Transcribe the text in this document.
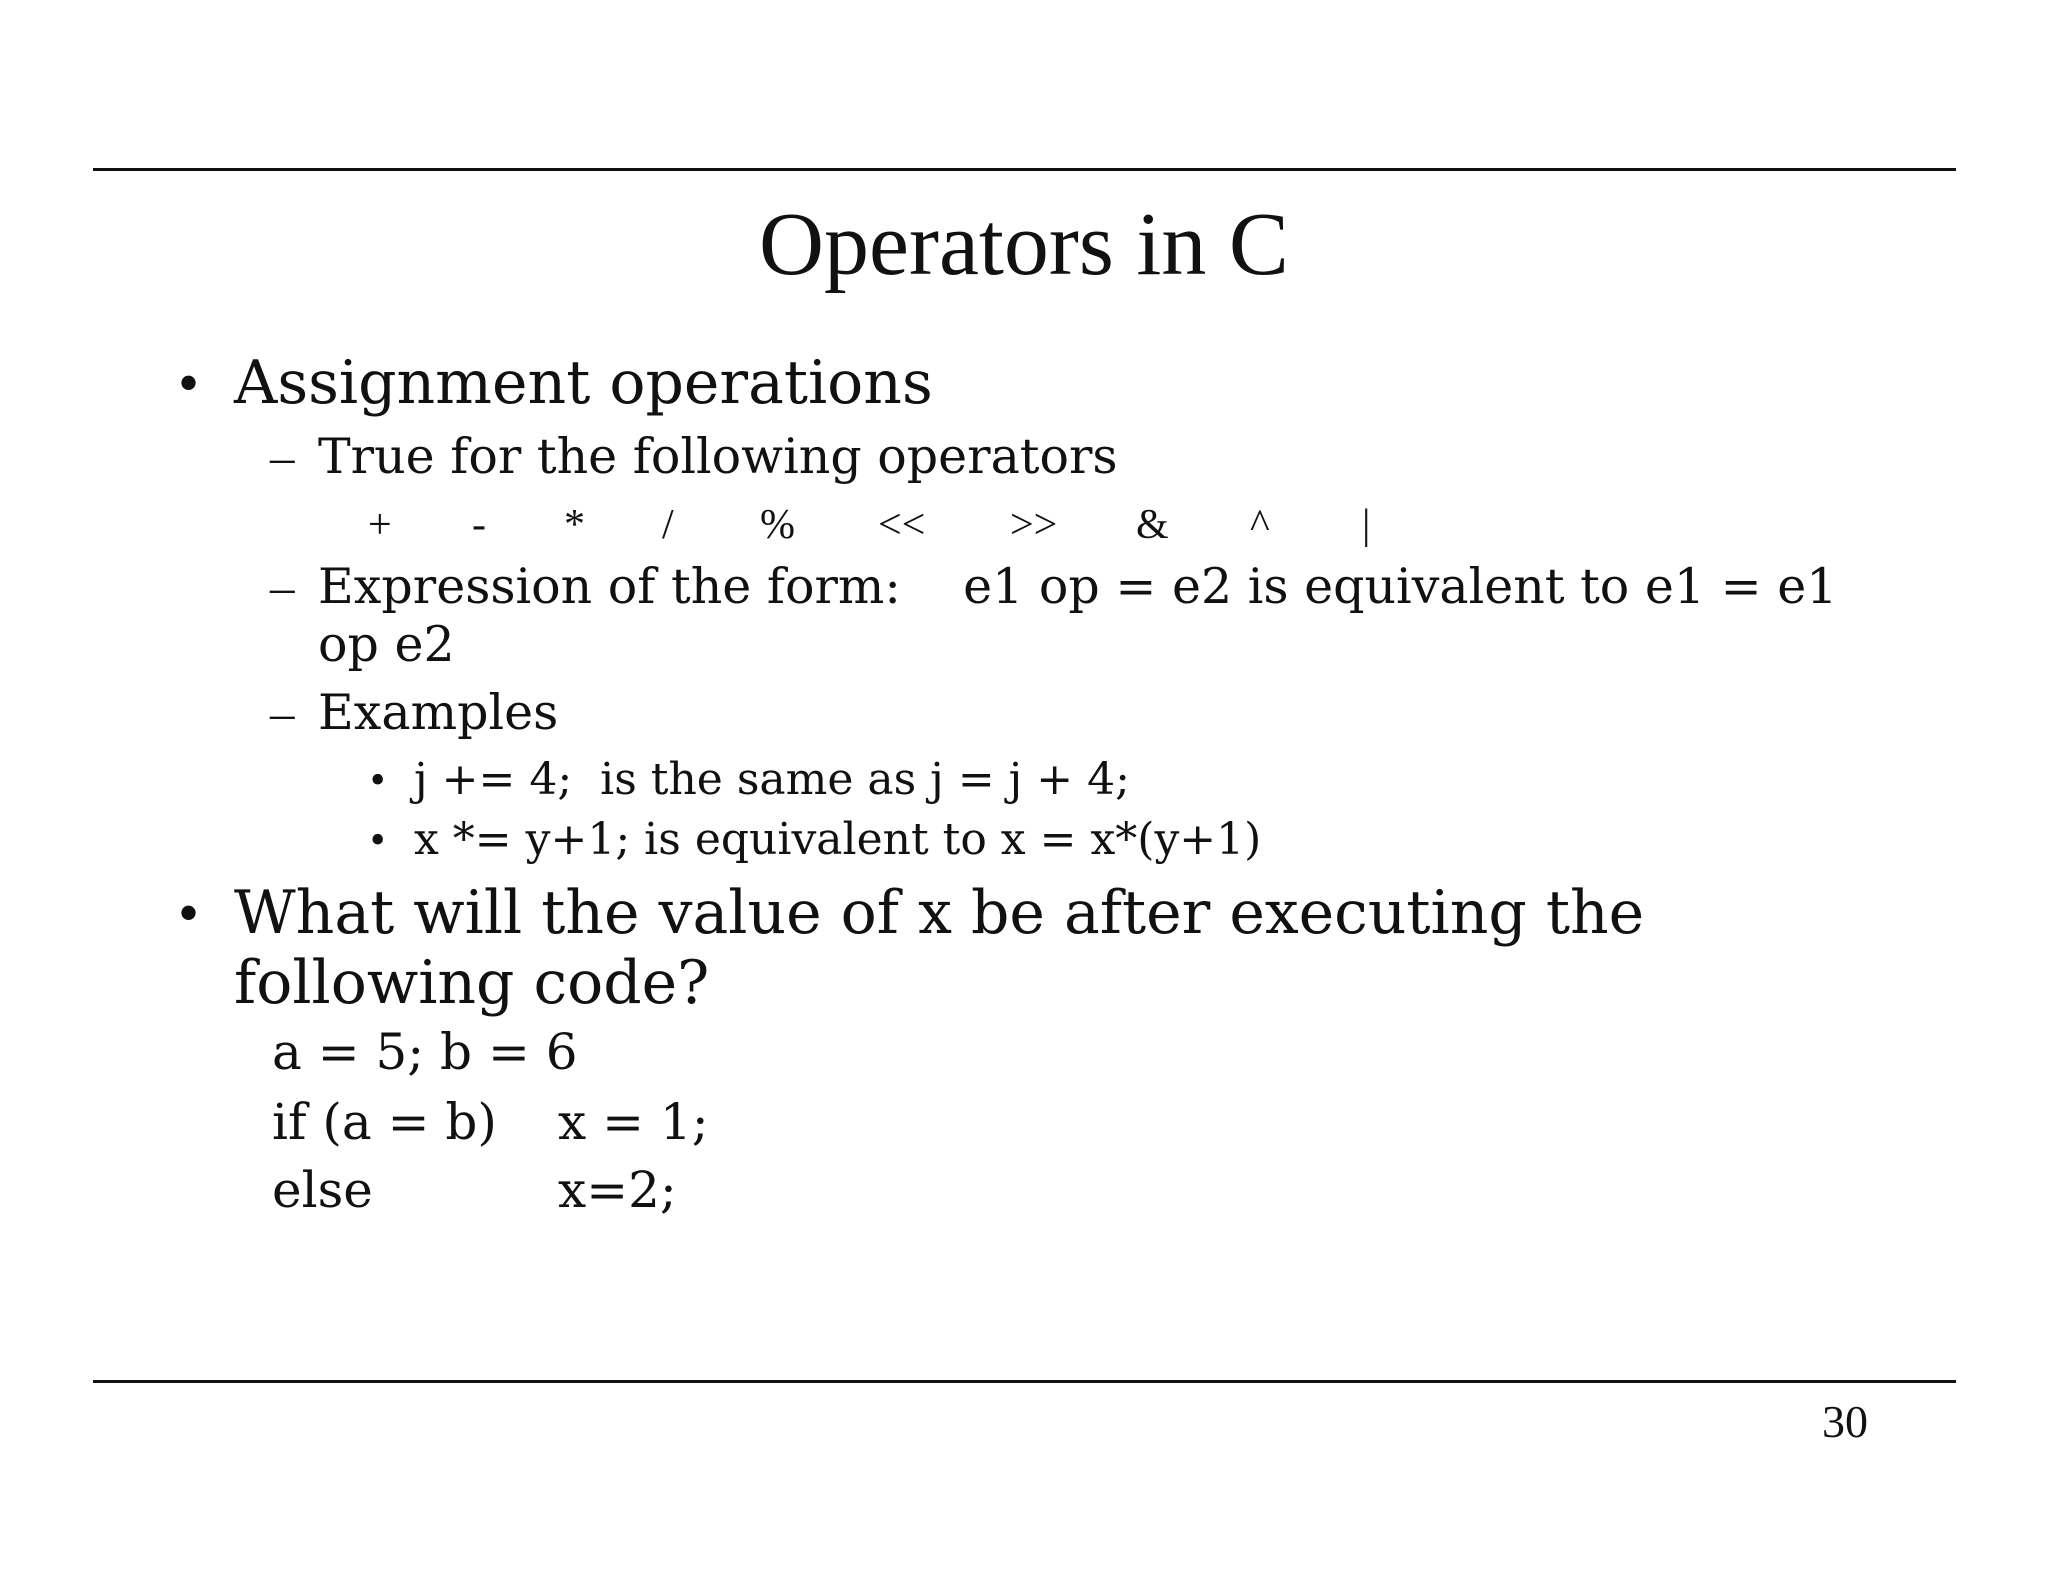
Operators in C
• Assignment operations
– True for the following operators
+ - * / % << >> & ^ |
– Expression of the form:    e1 op = e2 is equivalent to e1 = e1
op e2
– Examples
• j += 4;  is the same as j = j + 4;
• x *= y+1; is equivalent to x = x*(y+1)
• What will the value of x be after executing the
following code?
a = 5; b = 6
if (a = b) x = 1;
else	x=2;
30
